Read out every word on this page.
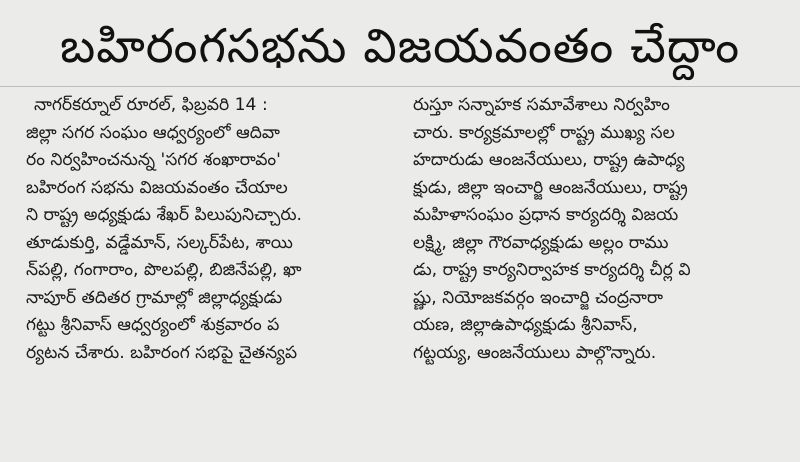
బహిరంగసభను విజయవంతం చేద్దాం
నాగర్‌కర్నూల్ రూరల్, ఫిబ్రవరి 14 :
జిల్లా సగర సంఘం ఆధ్వర్యంలో ఆదివా
రం నిర్వహించనున్న 'సగర శంఖారావం'
బహిరంగ సభను విజయవంతం చేయాల
ని రాష్ట్ర అధ్యక్షుడు శేఖర్ పిలుపునిచ్చారు.
తూడుకుర్తి, వడ్డేమాన్, సల్కర్‌పేట, శాయి
న్‌పల్లి, గంగారాం, పొలపల్లి, బిజినేపల్లి, ఖా
నాపూర్ తదితర గ్రామాల్లో జిల్లాధ్యక్షుడు
గట్టు శ్రీనివాస్ ఆధ్వర్యంలో శుక్రవారం ప
ర్యటన చేశారు. బహిరంగ సభపై చైతన్యప
రుస్తూ సన్నాహక సమావేశాలు నిర్వహిం
చారు. కార్యక్రమాలల్లో రాష్ట్ర ముఖ్య సల
హదారుడు ఆంజనేయులు, రాష్ట్ర ఉపాధ్య
క్షుడు, జిల్లా ఇంచార్జి ఆంజనేయులు, రాష్ట్ర
మహిళాసంఘం ప్రధాన కార్యదర్శి విజయ
లక్ష్మి, జిల్లా గౌరవాధ్యక్షుడు అల్లం రాము
డు, రాష్ట్ర కార్యనిర్వాహక కార్యదర్శి చీర్ల వి
ష్ణు, నియోజకవర్గం ఇంచార్జి చంద్రనారా
యణ, జిల్లాఉపాధ్యక్షుడు శ్రీనివాస్,
గట్టయ్య, ఆంజనేయులు పాల్గొన్నారు.
